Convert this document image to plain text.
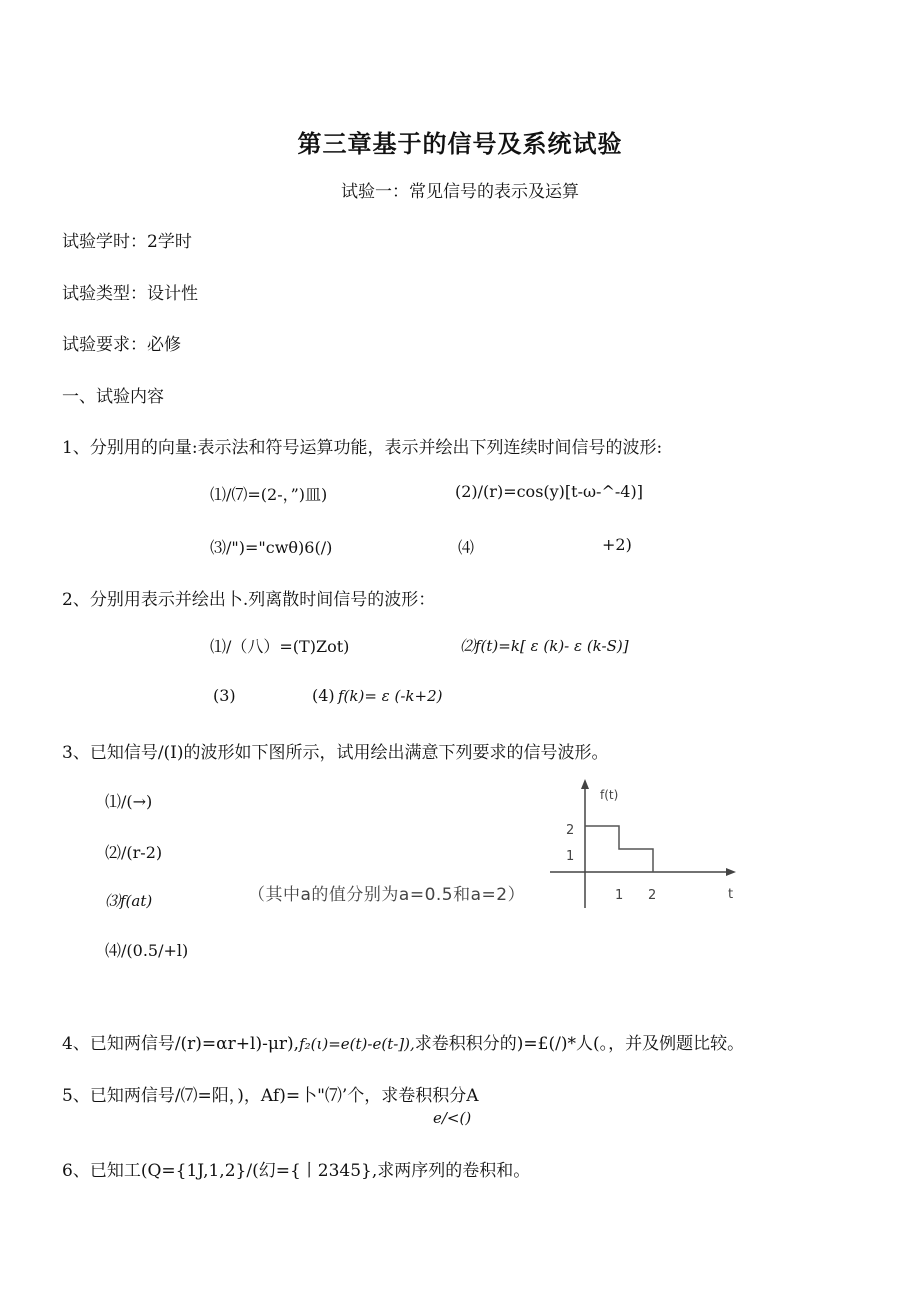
第三章基于的信号及系统试验
试验一：常见信号的表示及运算
试验学时：2学时
试验类型：设计性
试验要求：必修
一、试验内容
1、分别用的向量:表示法和符号运算功能，表示并绘出下列连续时间信号的波形:
⑴/⑺=(2-，”)皿)	(2)/(r)=cos(y)[t-ω-^-4)]
⑶/")="cwθ)6(/)	⑷	+2)
2、分别用表示并绘出卜.列离散时间信号的波形：
⑴/（八）=(T)Zot)	⑵f(t)=k[ ε (k)- ε (k-S)]
(3)	(4) f(k)= ε (-k+2)
3、已知信号/(I)的波形如下图所示，试用绘出满意下列要求的信号波形。
⑴/(→)
⑵/(r-2)
⑶f(at)
⑷/(0.5/+l)
（其中a的值分别为a=0.5和a=2）
f(t)
t
2
1
1 2
4、已知两信号/(r)=αr+l)-μr),f₂(ι)=e(t)-e(t-]),求卷积积分的)=£(/)*人(。，并及例题比较。
5、已知两信号/⑺=阳，)，Af)=卜"⑺’个，求卷积积分A
e/<()
6、已知工(Q={1J,1,2}/(幻={丨2345},求两序列的卷积和。
